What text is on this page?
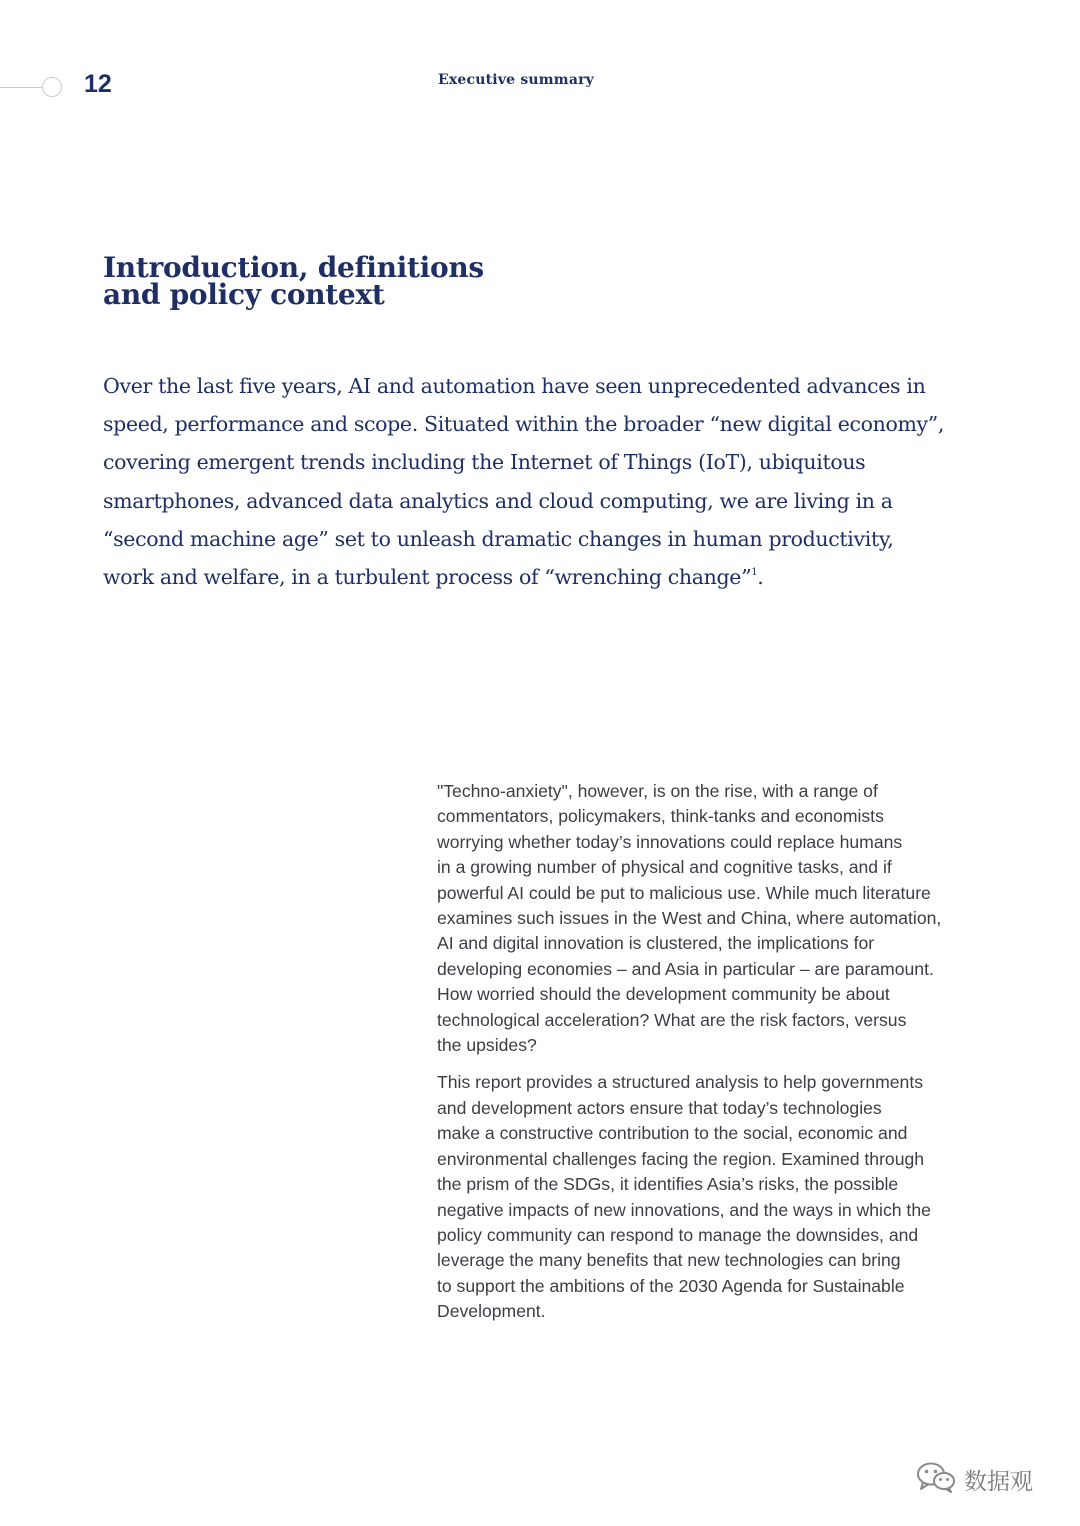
12	Executive summary
Introduction, definitions
and policy context
Over the last five years, AI and automation have seen unprecedented advances in
speed, performance and scope. Situated within the broader “new digital economy”,
covering emergent trends including the Internet of Things (IoT), ubiquitous
smartphones, advanced data analytics and cloud computing, we are living in a
“second machine age” set to unleash dramatic changes in human productivity,
work and welfare, in a turbulent process of “wrenching change”$^1$.

"Techno-anxiety", however, is on the rise, with a range of
commentators, policymakers, think-tanks and economists
worrying whether today’s innovations could replace humans
in a growing number of physical and cognitive tasks, and if
powerful AI could be put to malicious use. While much literature
examines such issues in the West and China, where automation,
AI and digital innovation is clustered, the implications for
developing economies – and Asia in particular – are paramount.
How worried should the development community be about
technological acceleration? What are the risk factors, versus
the upsides?

This report provides a structured analysis to help governments
and development actors ensure that today’s technologies
make a constructive contribution to the social, economic and
environmental challenges facing the region. Examined through
the prism of the SDGs, it identifies Asia’s risks, the possible
negative impacts of new innovations, and the ways in which the
policy community can respond to manage the downsides, and
leverage the many benefits that new technologies can bring
to support the ambitions of the 2030 Agenda for Sustainable
Development.

数据观
